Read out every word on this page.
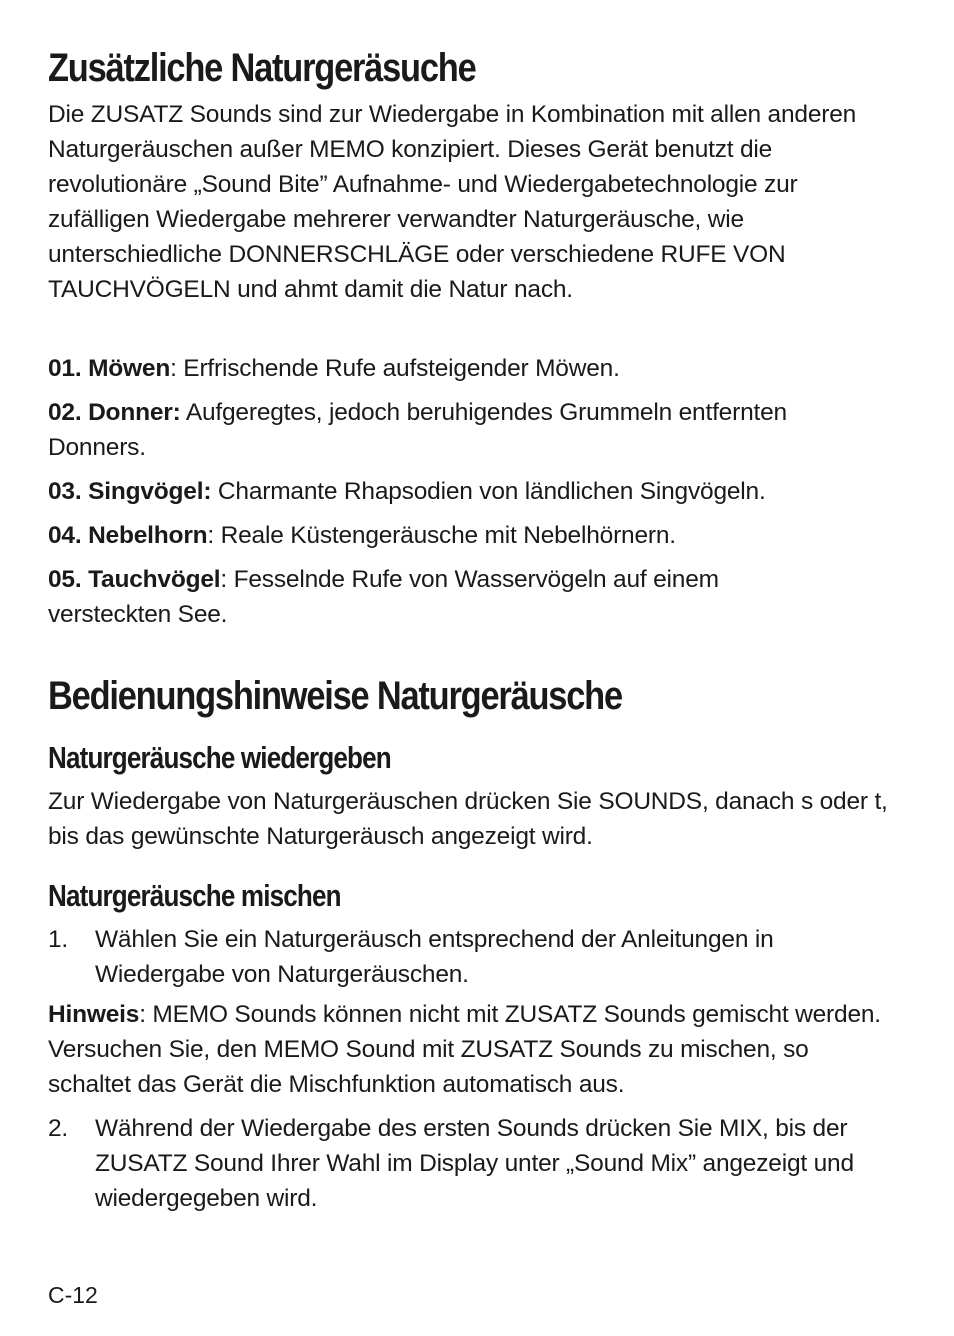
Zusätzliche Naturgeräsuche

Die ZUSATZ Sounds sind zur Wiedergabe in Kombination mit allen anderen Naturgeräuschen außer MEMO konzipiert. Dieses Gerät benutzt die revolutionäre „Sound Bite” Aufnahme- und Wiedergabetechnologie zur zufälligen Wiedergabe mehrerer verwandter Naturgeräusche, wie unterschiedliche DONNERSCHLÄGE oder verschiedene RUFE VON TAUCHVÖGELN und ahmt damit die Natur nach.

01. Möwen: Erfrischende Rufe aufsteigender Möwen.

02. Donner: Aufgeregtes, jedoch beruhigendes Grummeln entfernten Donners.

03. Singvögel: Charmante Rhapsodien von ländlichen Singvögeln.

04. Nebelhorn: Reale Küstengeräusche mit Nebelhörnern.

05. Tauchvögel: Fesselnde Rufe von Wasservögeln auf einem versteckten See.

Bedienungshinweise Naturgeräusche
Naturgeräusche wiedergeben

Zur Wiedergabe von Naturgeräuschen drücken Sie SOUNDS, danach s oder t, bis das gewünschte Naturgeräusch angezeigt wird.

Naturgeräusche mischen
1.	Wählen Sie ein Naturgeräusch entsprechend der Anleitungen in Wiedergabe von Naturgeräuschen.

Hinweis: MEMO Sounds können nicht mit ZUSATZ Sounds gemischt werden. Versuchen Sie, den MEMO Sound mit ZUSATZ Sounds zu mischen, so schaltet das Gerät die Mischfunktion automatisch aus.

2.	Während der Wiedergabe des ersten Sounds drücken Sie MIX, bis der ZUSATZ Sound Ihrer Wahl im Display unter „Sound Mix” angezeigt und wiedergegeben wird.
C-12
